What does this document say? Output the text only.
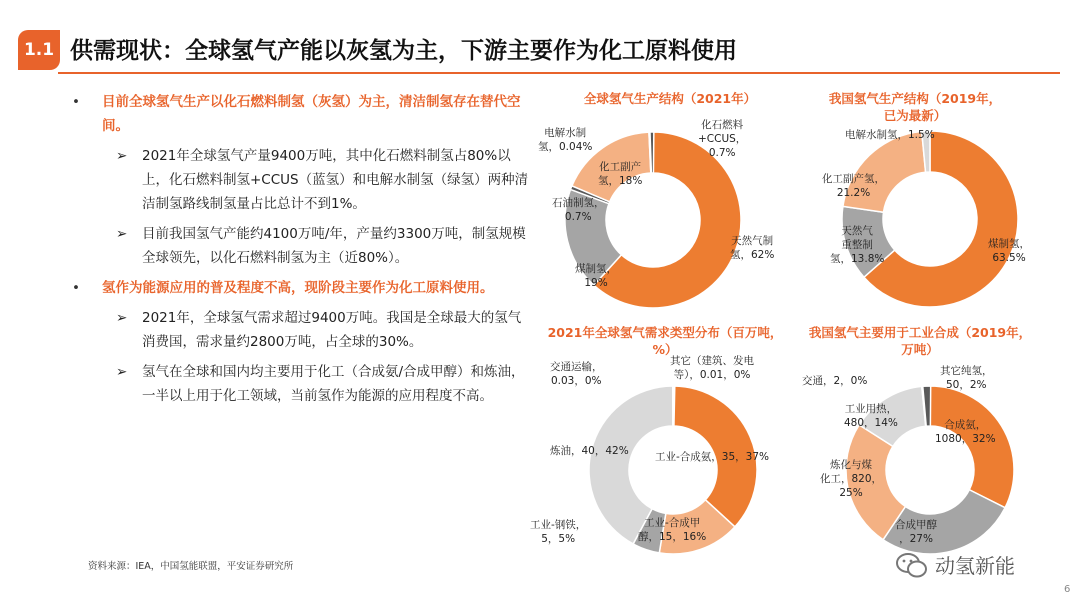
1.1 供需现状：全球氢气产能以灰氢为主，下游主要作为化工原料使用
• 目前全球氢气生产以化石燃料制氢（灰氢）为主，清洁制氢存在替代空间。
➢ 2021年全球氢气产量9400万吨，其中化石燃料制氢占80%以上，化石燃料制氢+CCUS（蓝氢）和电解水制氢（绿氢）两种清洁制氢路线制氢量占比总计不到1%。
➢ 目前我国氢气产能约4100万吨/年，产量约3300万吨，制氢规模全球领先，以化石燃料制氢为主（近80%）。
• 氢作为能源应用的普及程度不高，现阶段主要作为化工原料使用。
➢ 2021年，全球氢气需求超过9400万吨。我国是全球最大的氢气消费国，需求量约2800万吨，占全球的30%。
➢ 氢气在全球和国内均主要用于化工（合成氨/合成甲醇）和炼油，一半以上用于化工领域，当前氢作为能源的应用程度不高。
全球氢气生产结构（2021年）
天然气制
氢，62%
煤制氢，
19%
石油制氢，
0.7%
化工副产
氢，18%
电解水制
氢，0.04%
化石燃料
+CCUS，
0.7%
我国氢气生产结构（2019年，已为最新）
煤制氢，
63.5%
天然气
重整制
氢，13.8%
化工副产氢，
21.2%
电解水制氢，1.5%
2021年全球氢气需求类型分布（百万吨，%）
工业-合成氨，35，37%
工业-合成甲
醇，15，16%
工业-钢铁，
5，5%
炼油，40，42%
交通运输，
0.03，0%
其它（建筑、发电
等），0.01，0%
我国氢气主要用于工业合成（2019年，万吨）
合成氨，
1080，32%
合成甲醇
，27%
炼化与煤
化工，820，
25%
工业用热，
480，14%
交通，2，0%
其它纯氢，
50，2%
资料来源：IEA，中国氢能联盟，平安证券研究所	动氢新能
6
